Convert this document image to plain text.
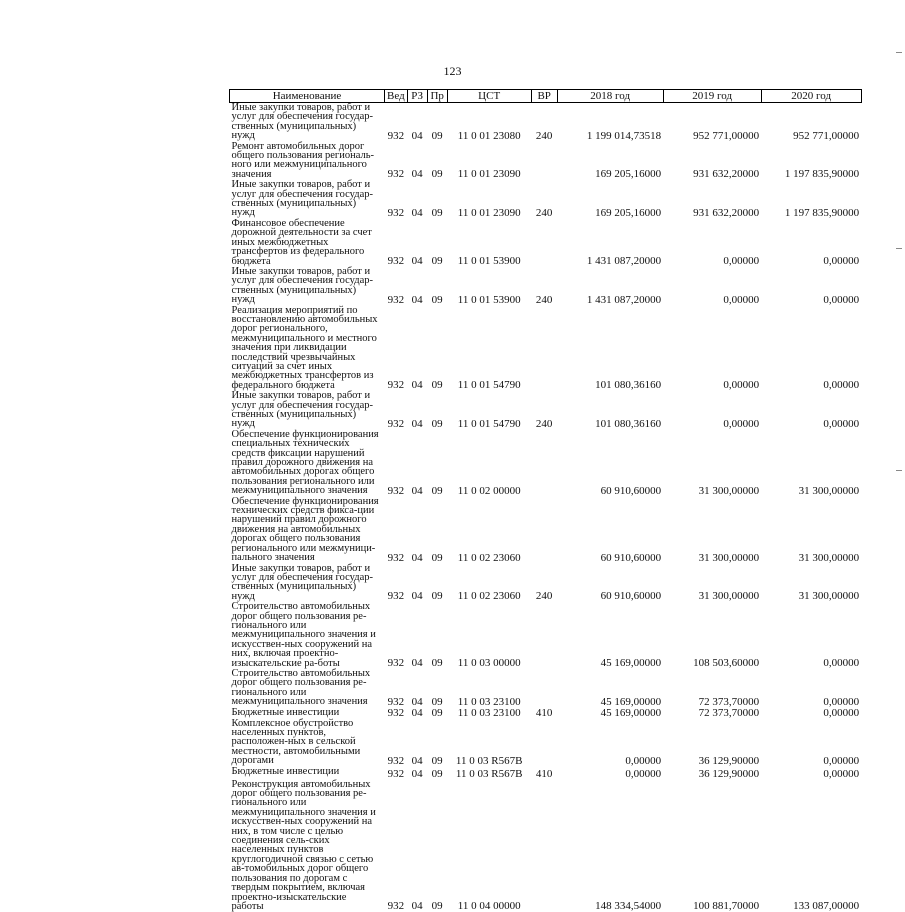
123
Наименование	Вед	РЗ	Пр	ЦСТ	ВР	2018 год	2019 год	2020 год
Иные закупки товаров, работ и услуг для обеспечения государ-ственных (муниципальных) нужд	932	04	09	11 0 01 23080	240	1 199 014,73518	952 771,00000	952 771,00000
Ремонт автомобильных дорог общего пользования региональ-ного или межмуниципального значения	932	04	09	11 0 01 23090		169 205,16000	931 632,20000	1 197 835,90000
Иные закупки товаров, работ и услуг для обеспечения государ-ственных (муниципальных) нужд	932	04	09	11 0 01 23090	240	169 205,16000	931 632,20000	1 197 835,90000
Финансовое обеспечение дорожной деятельности за счет иных межбюджетных трансфертов из федерального бюджета	932	04	09	11 0 01 53900		1 431 087,20000	0,00000	0,00000
Иные закупки товаров, работ и услуг для обеспечения государ-ственных (муниципальных) нужд	932	04	09	11 0 01 53900	240	1 431 087,20000	0,00000	0,00000
Реализация мероприятий по восстановлению автомобильных дорог регионального, межмуниципального и местного значения при ликвидации последствий чрезвычайных ситуаций за счет иных межбюджетных трансфертов из федерального бюджета	932	04	09	11 0 01 54790		101 080,36160	0,00000	0,00000
Иные закупки товаров, работ и услуг для обеспечения государ-ственных (муниципальных) нужд	932	04	09	11 0 01 54790	240	101 080,36160	0,00000	0,00000
Обеспечение функционирования специальных технических средств фиксации нарушений правил дорожного движения на автомобильных дорогах общего пользования регионального или межмуниципального значения	932	04	09	11 0 02 00000		60 910,60000	31 300,00000	31 300,00000
Обеспечение функционирования технических средств фикса-ции нарушений правил дорожного движения на автомобильных дорогах общего пользования регионального или межмуници-пального значения	932	04	09	11 0 02 23060		60 910,60000	31 300,00000	31 300,00000
Иные закупки товаров, работ и услуг для обеспечения государ-ственных (муниципальных) нужд	932	04	09	11 0 02 23060	240	60 910,60000	31 300,00000	31 300,00000
Строительство автомобильных дорог общего пользования ре-гионального или межмуниципального значения и искусствен-ных сооружений на них, включая проектно-изыскательские ра-боты	932	04	09	11 0 03 00000		45 169,00000	108 503,60000	0,00000
Строительство автомобильных дорог общего пользования ре-гионального или межмуниципального значения	932	04	09	11 0 03 23100		45 169,00000	72 373,70000	0,00000
Бюджетные инвестиции	932	04	09	11 0 03 23100	410	45 169,00000	72 373,70000	0,00000
Комплексное обустройство населенных пунктов, расположен-ных в сельской местности, автомобильными дорогами	932	04	09	11 0 03 R567B		0,00000	36 129,90000	0,00000
Бюджетные инвестиции	932	04	09	11 0 03 R567B	410	0,00000	36 129,90000	0,00000
Реконструкция автомобильных дорог общего пользования ре-гионального или межмуниципального значения и искусствен-ных сооружений на них, в том числе с целью соединения сель-ских населенных пунктов круглогодичной связью с сетью ав-томобильных дорог общего пользования по дорогам с твердым покрытием, включая проектно-изыскательские работы	932	04	09	11 0 04 00000		148 334,54000	100 881,70000	133 087,00000
